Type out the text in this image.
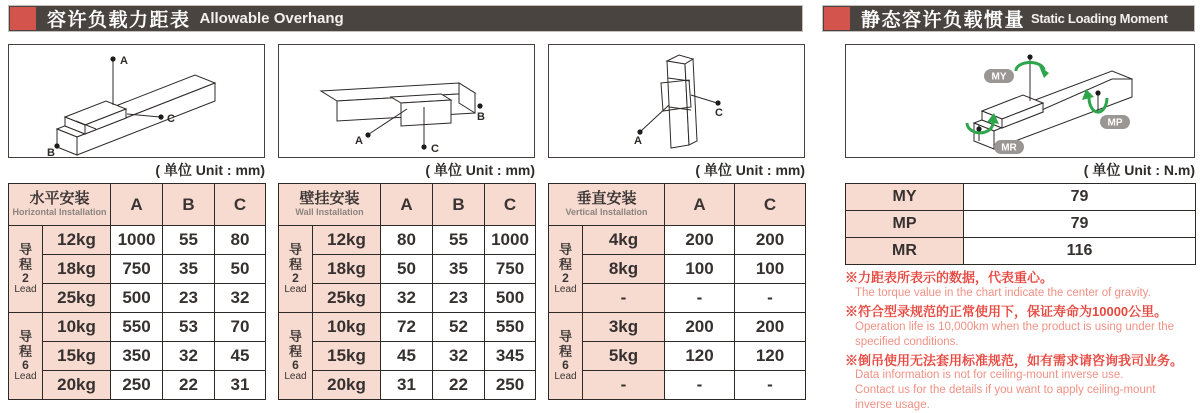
容许负载力距表 Allowable Overhang	静态容许负载惯量 Static Loading Moment
A
B
C
A
B
C
A
C
MY
MP
MR
( 单位 Unit : mm)	( 单位 Unit : mm)	( 单位 Unit : mm)	( 单位 Unit : N.m)
水平安装
Horizontal Installation		A	B	C

导
程
2
Lead	12kg	1000	55	80
	18kg	750	35	50
	25kg	500	23	32

导
程
6
Lead	10kg	550	53	70
	15kg	350	32	45
	20kg	250	22	31
壁挂安装
Wall Installation		A	B	C

导
程
2
Lead	12kg	80	55	1000
	18kg	50	35	750
	25kg	32	23	500

导
程
6
Lead	10kg	72	52	550
	15kg	45	32	345
	20kg	31	22	250
垂直安装
Vertical Installation		A	C

导
程
2
Lead	4kg	200	200
	8kg	100	100
	-	-	-

导
程
6
Lead	3kg	200	200
	5kg	120	120
	-	-	-
MY	79
MP	79
MR	116
※力距表所表示的数据，代表重心。
The torque value in the chart indicate the center of gravity.
※符合型录规范的正常使用下，保证寿命为10000公里。
Operation life is 10,000km when the product is using under the
specified conditions.
※倒吊使用无法套用标准规范，如有需求请咨询我司业务。
Data information is not for ceiling-mount inverse use.
Contact us for the details if you want to apply ceiling-mount
inverse usage.
